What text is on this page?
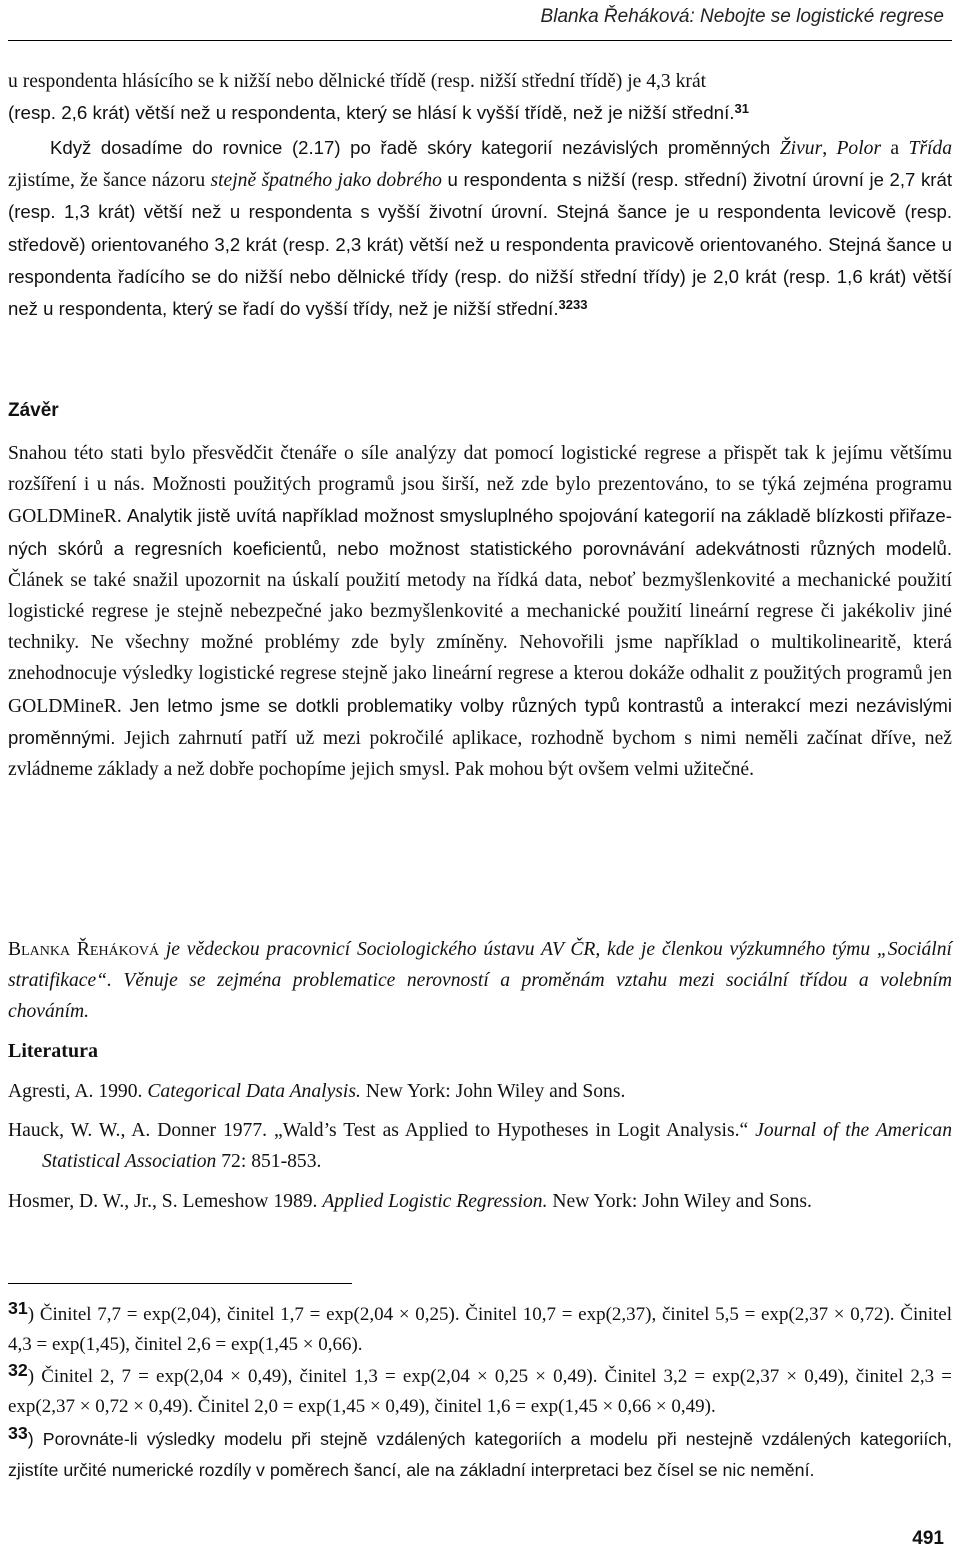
Blanka Řeháková: Nebojte se logistické regrese
u respondenta hlásícího se k nižší nebo dělnické třídě (resp. nižší střední třídě) je 4,3 krát
(resp. 2,6 krát) větší než u respondenta, který se hlásí k vyšší třídě, než je nižší střední.$^{31}$
Když dosadíme do rovnice (2.17) po řadě skóry kategorií nezávislých proměnných Živur, Polor a Třída zjistíme, že šance názoru stejně špatného jako dobrého u respondenta s nižší (resp. střední) životní úrovní je 2,7 krát (resp. 1,3 krát) větší než u respondenta s vyšší životní úrovní. Stejná šance je u respondenta levicově (resp. středově) orientovaného 3,2 krát (resp. 2,3 krát) větší než u respondenta pravicově orientovaného. Stejná šance u respondenta řadícího se do nižší nebo dělnické třídy (resp. do nižší střední třídy) je 2,0 krát (resp. 1,6 krát) větší než u respondenta, který se řadí do vyšší třídy, než je nižší střední.$^{3233}$
Závěr
Snahou této stati bylo přesvědčit čtenáře o síle analýzy dat pomocí logistické regrese a přispět tak k jejímu většímu rozšíření i u nás. Možnosti použitých programů jsou širší, než zde bylo prezentováno, to se týká zejména programu GOLDMineR. Analytik jistě uvítá například možnost smysluplného spojování kategorií na základě blízkosti přiřazených skórů a regresních koeficientů, nebo možnost statistického porovnávání adekvátnosti různých modelů. Článek se také snažil upozornit na úskalí použití metody na řídká data, neboť bezmyšlenkovité a mechanické použití logistické regrese je stejně nebezpečné jako bezmyšlenkovité a mechanické použití lineární regrese či jakékoliv jiné techniky. Ne všechny možné problémy zde byly zmíněny. Nehovořili jsme například o multikolinearitě, která znehodnocuje výsledky logistické regrese stejně jako lineární regrese a kterou dokáže odhalit z použitých programů jen GOLDMineR. Jen letmo jsme se dotkli problematiky volby různých typů kontrastů a interakcí mezi nezávislými proměnnými. Jejich zahrnutí patří už mezi pokročilé aplikace, rozhodně bychom s nimi neměli začínat dříve, než zvládneme základy a než dobře pochopíme jejich smysl. Pak mohou být ovšem velmi užitečné.
Blanka Řeháková je vědeckou pracovnicí Sociologického ústavu AV ČR, kde je členkou výzkumného týmu „Sociální stratifikace“. Věnuje se zejména problematice nerovností a proměnám vztahu mezi sociální třídou a volebním chováním.
Literatura
Agresti, A. 1990. Categorical Data Analysis. New York: John Wiley and Sons.
Hauck, W. W., A. Donner 1977. „Wald’s Test as Applied to Hypotheses in Logit Analysis.“ Journal of the American Statistical Association 72: 851-853.
Hosmer, D. W., Jr., S. Lemeshow 1989. Applied Logistic Regression. New York: John Wiley and Sons.
$^{31}$) Činitel 7,7 = exp(2,04), činitel 1,7 = exp(2,04 × 0,25). Činitel 10,7 = exp(2,37), činitel 5,5 = exp(2,37 × 0,72). Činitel 4,3 = exp(1,45), činitel 2,6 = exp(1,45 × 0,66).
$^{32}$) Činitel 2, 7 = exp(2,04 × 0,49), činitel 1,3 = exp(2,04 × 0,25 × 0,49). Činitel 3,2 = exp(2,37 × 0,49), činitel 2,3 = exp(2,37 × 0,72 × 0,49). Činitel 2,0 = exp(1,45 × 0,49), činitel 1,6 = exp(1,45 × 0,66 × 0,49).
$^{33}$) Porovnáte-li výsledky modelu při stejně vzdálených kategoriích a modelu při nestejně vzdálených kategoriích, zjistíte určité numerické rozdíly v poměrech šancí, ale na základní interpretaci bez čísel se nic nemění.
491
